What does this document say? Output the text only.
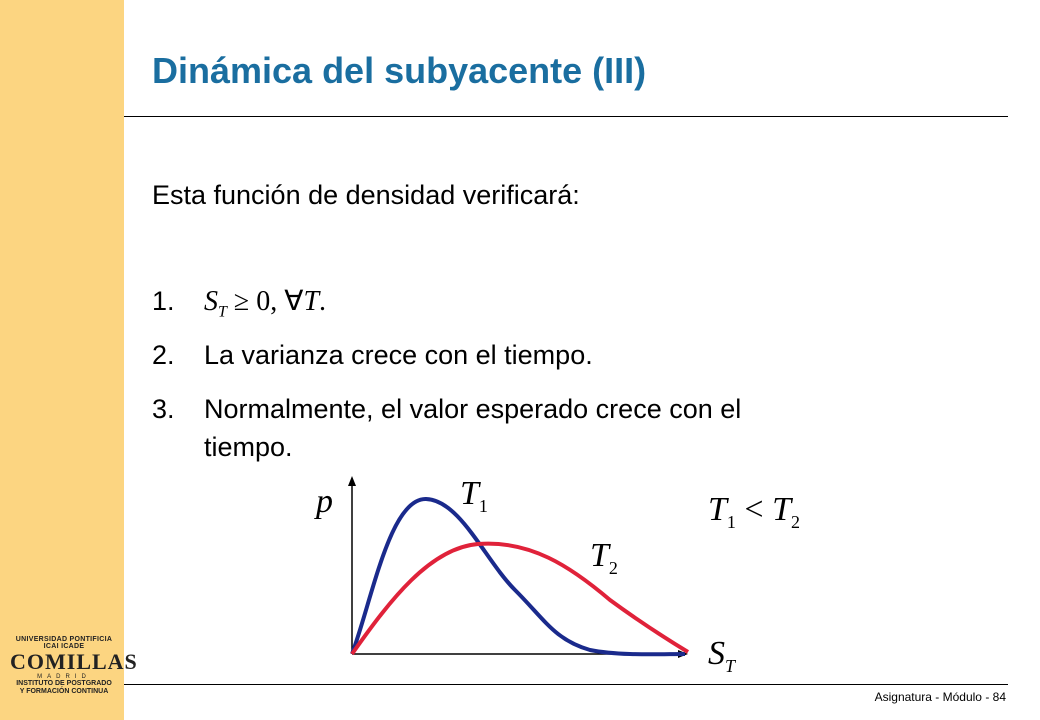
UNIVERSIDAD PONTIFICIA
ICAI ICADE
COMILLAS
MADRID
INSTITUTO DE POSTGRADO
Y FORMACIÓN CONTINUA
Dinámica del subyacente (III)
Esta función de densidad verificará:
1. $S_T \ge 0$, ∀T.
2. La varianza crece con el tiempo.
3. Normalmente, el valor esperado crece con el
tiempo.
p	$T_1$
$T_2$
$T_1 < T_2$
$S_T$
Asignatura - Módulo - 84
